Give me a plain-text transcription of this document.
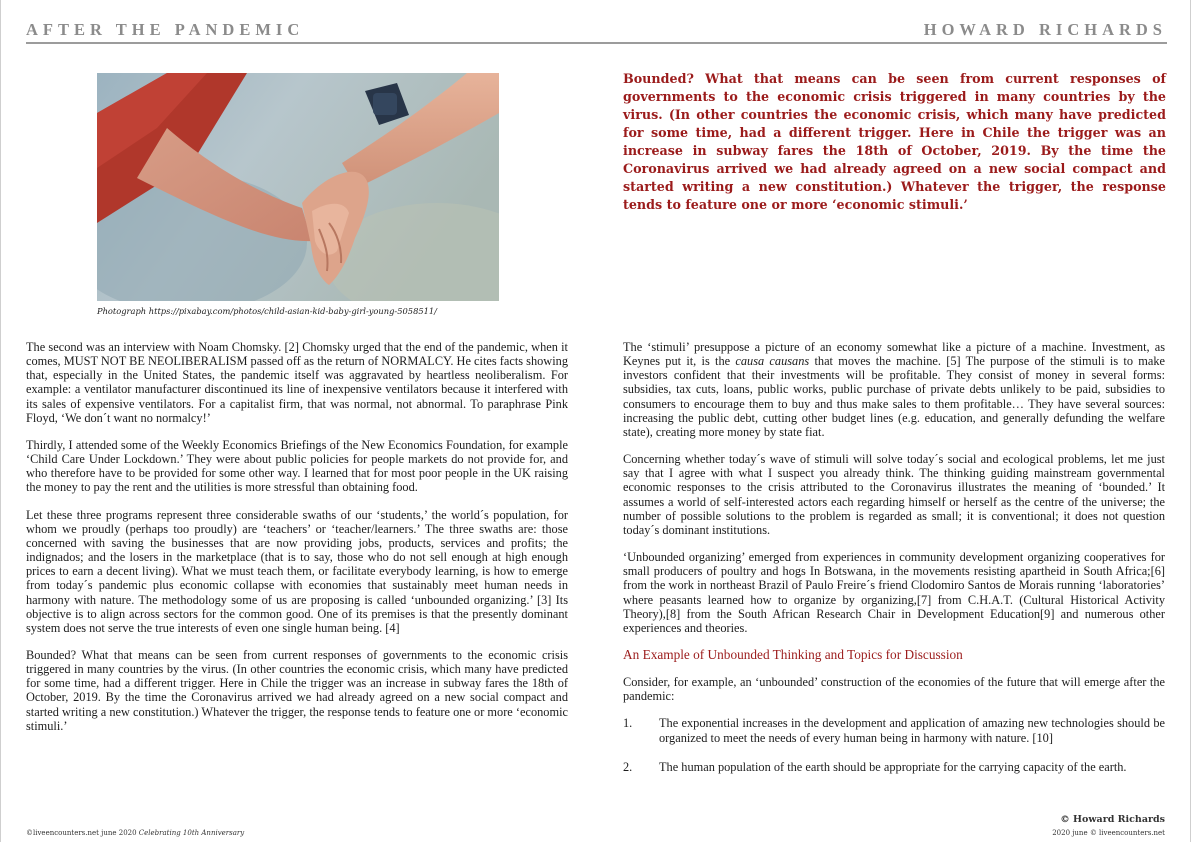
AFTER THE PANDEMIC	HOWARD RICHARDS
Photograph https://pixabay.com/photos/child-asian-kid-baby-girl-young-5058511/

Bounded? What that means can be seen from current responses of governments to the economic crisis triggered in many countries by the virus. (In other countries the economic crisis, which many have predicted for some time, had a different trigger. Here in Chile the trigger was an increase in subway fares the 18th of October, 2019. By the time the Coronavirus arrived we had already agreed on a new social compact and started writing a new constitution.) Whatever the trigger, the response tends to feature one or more ‘economic stimuli.’

The second was an interview with Noam Chomsky. [2] Chomsky urged that the end of the pandemic, when it comes, MUST NOT BE NEOLIBERALISM passed off as the return of NORMALCY. He cites facts showing that, especially in the United States, the pandemic itself was aggravated by heartless neoliberalism. For example: a ventilator manufacturer discontinued its line of inexpensive ventilators because it interfered with its sales of expensive ventilators. For a capitalist firm, that was normal, not abnormal. To paraphrase Pink Floyd, ‘We don´t want no normalcy!’

Thirdly, I attended some of the Weekly Economics Briefings of the New Economics Foundation, for example ‘Child Care Under Lockdown.’ They were about public policies for people markets do not provide for, and who therefore have to be provided for some other way. I learned that for most poor people in the UK raising the money to pay the rent and the utilities is more stressful than obtaining food.

Let these three programs represent three considerable swaths of our ‘students,’ the world´s population, for whom we proudly (perhaps too proudly) are ‘teachers’ or ‘teacher/learners.’ The three swaths are: those concerned with saving the businesses that are now providing jobs, products, services and profits; the indignados; and the losers in the marketplace (that is to say, those who do not sell enough at high enough prices to earn a decent living). What we must teach them, or facilitate everybody learning, is how to emerge from today´s pandemic plus economic collapse with economies that sustainably meet human needs in harmony with nature. The methodology some of us are proposing is called ‘unbounded organizing.’ [3] Its objective is to align across sectors for the common good. One of its premises is that the presently dominant system does not serve the true interests of even one single human being. [4]

Bounded? What that means can be seen from current responses of governments to the economic crisis triggered in many countries by the virus. (In other countries the economic crisis, which many have predicted for some time, had a different trigger. Here in Chile the trigger was an increase in subway fares the 18th of October, 2019. By the time the Coronavirus arrived we had already agreed on a new social compact and started writing a new constitution.) Whatever the trigger, the response tends to feature one or more ‘economic stimuli.’

The ‘stimuli’ presuppose a picture of an economy somewhat like a picture of a machine. Investment, as Keynes put it, is the causa causans that moves the machine. [5] The purpose of the stimuli is to make investors confident that their investments will be profitable. They consist of money in several forms: subsidies, tax cuts, loans, public works, public purchase of private debts unlikely to be paid, subsidies to consumers to encourage them to buy and thus make sales to them profitable… They have several sources: increasing the public debt, cutting other budget lines (e.g. education, and generally defunding the welfare state), creating more money by state fiat.

Concerning whether today´s wave of stimuli will solve today´s social and ecological problems, let me just say that I agree with what I suspect you already think. The thinking guiding mainstream governmental economic responses to the crisis attributed to the Coronavirus illustrates the meaning of ‘bounded.’ It assumes a world of self-interested actors each regarding himself or herself as the centre of the universe; the number of possible solutions to the problem is regarded as small; it is conventional; it does not question today´s dominant institutions.

‘Unbounded organizing’ emerged from experiences in community development organizing cooperatives for small producers of poultry and hogs In Botswana, in the movements resisting apartheid in South Africa;[6] from the work in northeast Brazil of Paulo Freire´s friend Clodomiro Santos de Morais running ‘laboratories’ where peasants learned how to organize by organizing,[7] from C.H.A.T. (Cultural Historical Activity Theory),[8] from the South African Research Chair in Development Education[9] and numerous other experiences and theories.

An Example of Unbounded Thinking and Topics for Discussion

Consider, for example, an ‘unbounded’ construction of the economies of the future that will emerge after the pandemic:

1.	The exponential increases in the development and application of amazing new technologies should be organized to meet the needs of every human being in harmony with nature. [10]
2.	The human population of the earth should be appropriate for the carrying capacity of the earth.
©liveencounters.net june 2020 Celebrating 10th Anniversary
© Howard Richards
2020 june © liveencounters.net
